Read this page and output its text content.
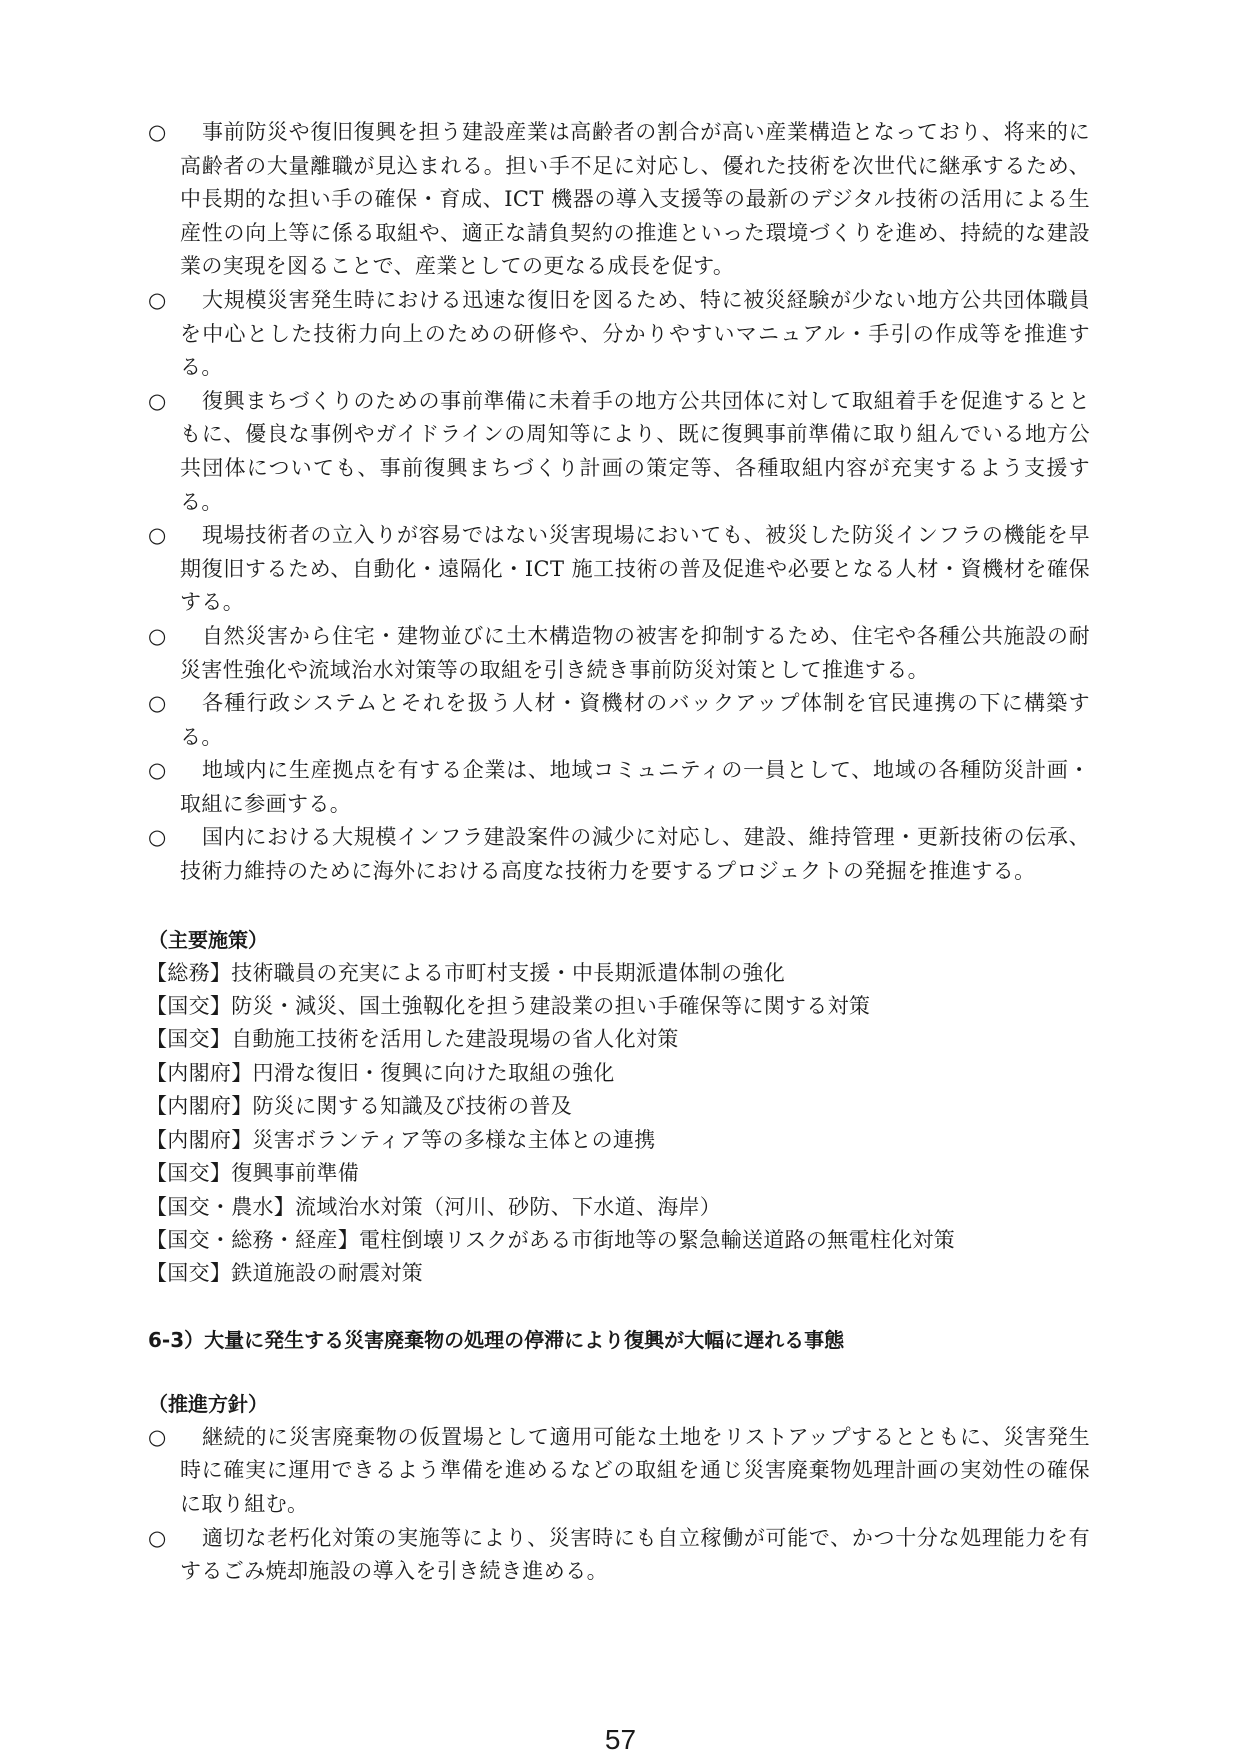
○	事前防災や復旧復興を担う建設産業は高齢者の割合が高い産業構造となっており、将来的に高齢者の大量離職が見込まれる。担い手不足に対応し、優れた技術を次世代に継承するため、中長期的な担い手の確保・育成、ICT 機器の導入支援等の最新のデジタル技術の活用による生産性の向上等に係る取組や、適正な請負契約の推進といった環境づくりを進め、持続的な建設業の実現を図ることで、産業としての更なる成長を促す。
○	大規模災害発生時における迅速な復旧を図るため、特に被災経験が少ない地方公共団体職員を中心とした技術力向上のための研修や、分かりやすいマニュアル・手引の作成等を推進する。
○	復興まちづくりのための事前準備に未着手の地方公共団体に対して取組着手を促進するとともに、優良な事例やガイドラインの周知等により、既に復興事前準備に取り組んでいる地方公共団体についても、事前復興まちづくり計画の策定等、各種取組内容が充実するよう支援する。
○	現場技術者の立入りが容易ではない災害現場においても、被災した防災インフラの機能を早期復旧するため、自動化・遠隔化・ICT 施工技術の普及促進や必要となる人材・資機材を確保する。
○	自然災害から住宅・建物並びに土木構造物の被害を抑制するため、住宅や各種公共施設の耐災害性強化や流域治水対策等の取組を引き続き事前防災対策として推進する。
○	各種行政システムとそれを扱う人材・資機材のバックアップ体制を官民連携の下に構築する。
○	地域内に生産拠点を有する企業は、地域コミュニティの一員として、地域の各種防災計画・取組に参画する。
○	国内における大規模インフラ建設案件の減少に対応し、建設、維持管理・更新技術の伝承、技術力維持のために海外における高度な技術力を要するプロジェクトの発掘を推進する。
（主要施策）
【総務】技術職員の充実による市町村支援・中長期派遣体制の強化
【国交】防災・減災、国土強靱化を担う建設業の担い手確保等に関する対策
【国交】自動施工技術を活用した建設現場の省人化対策
【内閣府】円滑な復旧・復興に向けた取組の強化
【内閣府】防災に関する知識及び技術の普及
【内閣府】災害ボランティア等の多様な主体との連携
【国交】復興事前準備
【国交・農水】流域治水対策（河川、砂防、下水道、海岸）
【国交・総務・経産】電柱倒壊リスクがある市街地等の緊急輸送道路の無電柱化対策
【国交】鉄道施設の耐震対策
6-3）大量に発生する災害廃棄物の処理の停滞により復興が大幅に遅れる事態
（推進方針）
○	継続的に災害廃棄物の仮置場として適用可能な土地をリストアップするとともに、災害発生時に確実に運用できるよう準備を進めるなどの取組を通じ災害廃棄物処理計画の実効性の確保に取り組む。
○	適切な老朽化対策の実施等により、災害時にも自立稼働が可能で、かつ十分な処理能力を有するごみ焼却施設の導入を引き続き進める。
57
